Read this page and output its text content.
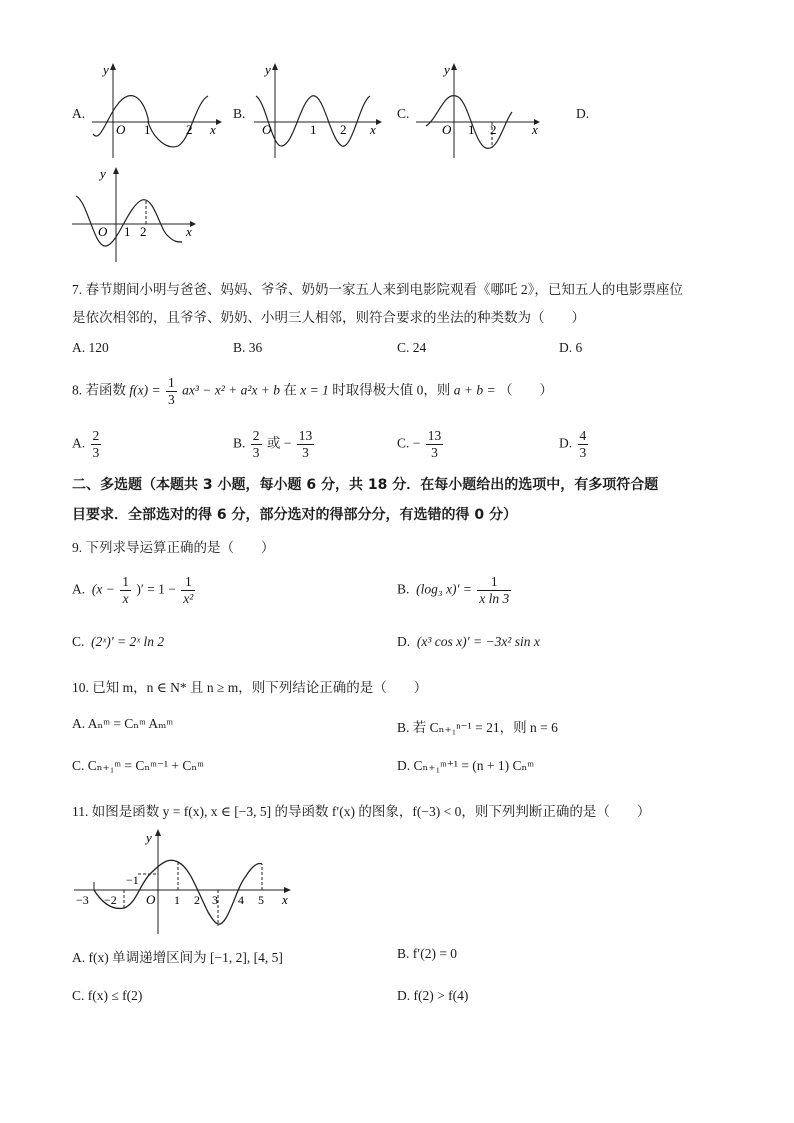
A.
y
x
O 1	2
B.
y
x
O	1 2
C.
y
x
O 1 2
D.
y
x
O 1 2
7. 春节期间小明与爸爸、妈妈、爷爷、奶奶一家五人来到电影院观看《哪吒 2》，已知五人的电影票座位
是依次相邻的，且爷爷、奶奶、小明三人相邻，则符合要求的坐法的种类数为（　　）
A. 120	B. 36	C. 24	D. 6
8. 若函数 $f(x) = \frac{1}{3} ax^3 - x^2 + a^2x + b$ 在 x = 1 时取得极大值 0，则 a + b = （　　）
A. $\frac{2}{3}$	B. $\frac{2}{3}$ 或 − $\frac{13}{3}$	C. − $\frac{13}{3}$	D. $\frac{4}{3}$
二、多选题（本题共 3 小题，每小题 6 分，共 18 分．在每小题给出的选项中，有多项符合题
目要求．全部选对的得 6 分，部分选对的得部分分，有选错的得 0 分）
9. 下列求导运算正确的是（　　）
A. ($x - \frac{1}{x}$ )′ = $1 - \frac{1}{\text{x²}}$	B. (log₃ $x)' = \frac{1}{\text{x ln 3}}$
C. (2ˣ)′ = 2ˣ ln 2	D. (x³ cos x)′ = −3x² sin x
10. 已知 m，n ∈ N* 且 n ≥ m，则下列结论正确的是（　　）
A. Aₙᵐ = Cₙᵐ Aₘᵐ	B. 若 Cₙ₊₁ⁿ⁻¹ = 21，则 n = 6
C. Cₙ₊₁ᵐ = Cₙᵐ⁻¹ + Cₙᵐ	D. Cₙ₊₁ᵐ⁺¹ = (n + 1) Cₙᵐ
11. 如图是函数 y = f(x), x ∈ [−3, 5] 的导函数 f′(x) 的图象，f(−3) < 0，则下列判断正确的是（　　）
y
x
O
−3 −2
−1
1 2 3 4 5
A. f(x) 单调递增区间为 [−1, 2], [4, 5]	B. f′(2) = 0
C. f(x) ≤ f(2)	D. f(2) > f(4)
